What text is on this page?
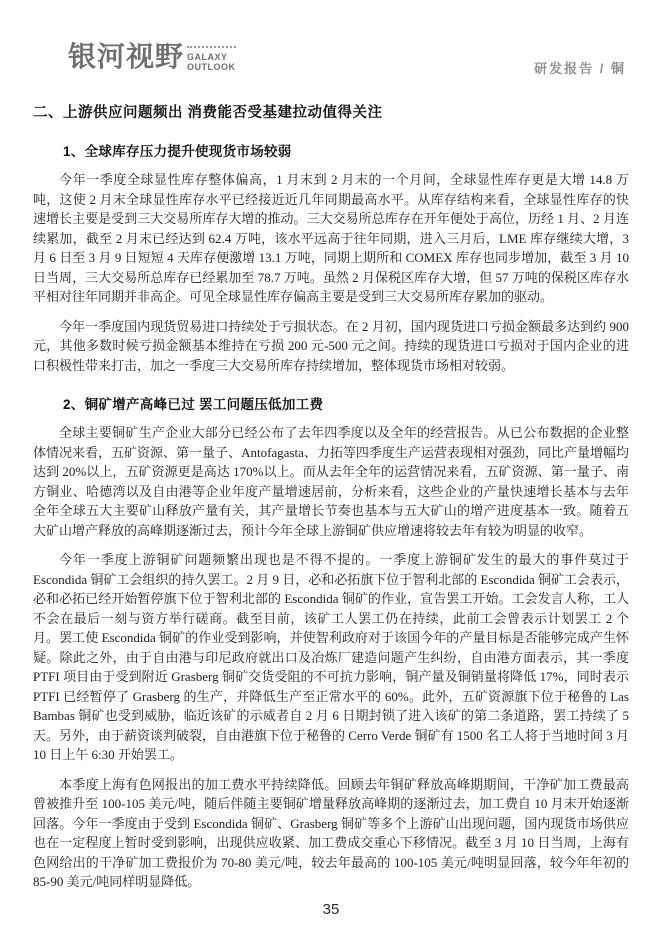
银河视野 GALAXY
OUTLOOK	研发报告 / 铜
二、上游供应问题频出 消费能否受基建拉动值得关注
1、全球库存压力提升使现货市场较弱

今年一季度全球显性库存整体偏高，1 月末到 2 月末的一个月间，全球显性库存更是大增 14.8 万吨，这使 2 月末全球显性库存水平已经接近近几年同期最高水平。从库存结构来看，全球显性库存的快速增长主要是受到三大交易所库存大增的推动。三大交易所总库存在开年便处于高位，历经 1 月、2 月连续累加，截至 2 月末已经达到 62.4 万吨，该水平远高于往年同期，进入三月后，LME 库存继续大增，3 月 6 日至 3 月 9 日短短 4 天库存便激增 13.1 万吨，同期上期所和 COMEX 库存也同步增加，截至 3 月 10 日当周，三大交易所总库存已经累加至 78.7 万吨。虽然 2 月保税区库存大增，但 57 万吨的保税区库存水平相对往年同期并非高企。可见全球显性库存偏高主要是受到三大交易所库存累加的驱动。

今年一季度国内现货贸易进口持续处于亏损状态。在 2 月初，国内现货进口亏损金额最多达到约 900 元，其他多数时候亏损金额基本维持在亏损 200 元-500 元之间。持续的现货进口亏损对于国内企业的进口积极性带来打击，加之一季度三大交易所库存持续增加，整体现货市场相对较弱。

2、铜矿增产高峰已过 罢工问题压低加工费

全球主要铜矿生产企业大部分已经公布了去年四季度以及全年的经营报告。从已公布数据的企业整体情况来看，五矿资源、第一量子、Antofagasta、力拓等四季度生产运营表现相对强劲，同比产量增幅均达到 20%以上，五矿资源更是高达 170%以上。而从去年全年的运营情况来看，五矿资源、第一量子、南方铜业、哈德湾以及自由港等企业年度产量增速居前，分析来看，这些企业的产量快速增长基本与去年全年全球五大主要矿山释放产量有关，其产量增长节奏也基本与五大矿山的增产进度基本一致。随着五大矿山增产释放的高峰期逐渐过去，预计今年全球上游铜矿供应增速将较去年有较为明显的收窄。

今年一季度上游铜矿问题频繁出现也是不得不提的。一季度上游铜矿发生的最大的事件莫过于 Escondida 铜矿工会组织的持久罢工。2 月 9 日，必和必拓旗下位于智利北部的 Escondida 铜矿工会表示，必和必拓已经开始暂停旗下位于智利北部的 Escondida 铜矿的作业，宣告罢工开始。工会发言人称，工人不会在最后一刻与资方举行磋商。截至目前，该矿工人罢工仍在持续，此前工会曾表示计划罢工 2 个月。罢工使 Escondida 铜矿的作业受到影响，并使智利政府对于该国今年的产量目标是否能够完成产生怀疑。除此之外，由于自由港与印尼政府就出口及冶炼厂建造问题产生纠纷，自由港方面表示，其一季度 PTFI 项目由于受到附近 Grasberg 铜矿交货受阻的不可抗力影响，铜产量及铜销量将降低 17%，同时表示 PTFI 已经暂停了 Grasberg 的生产，并降低生产至正常水平的 60%。此外，五矿资源旗下位于秘鲁的 Las Bambas 铜矿也受到威胁，临近该矿的示威者自 2 月 6 日期封锁了进入该矿的第二条道路，罢工持续了 5 天。另外，由于薪资谈判破裂，自由港旗下位于秘鲁的 Cerro Verde 铜矿有 1500 名工人将于当地时间 3 月 10 日上午 6:30 开始罢工。

本季度上海有色网报出的加工费水平持续降低。回顾去年铜矿释放高峰期期间，干净矿加工费最高曾被推升至 100-105 美元/吨，随后伴随主要铜矿增量释放高峰期的逐渐过去，加工费自 10 月末开始逐渐回落。今年一季度由于受到 Escondida 铜矿、Grasberg 铜矿等多个上游矿山出现问题，国内现货市场供应也在一定程度上暂时受到影响，出现供应收紧、加工费成交重心下移情况。截至 3 月 10 日当周，上海有色网给出的干净矿加工费报价为 70-80 美元/吨，较去年最高的 100-105 美元/吨明显回落，较今年年初的 85-90 美元/吨同样明显降低。

35
